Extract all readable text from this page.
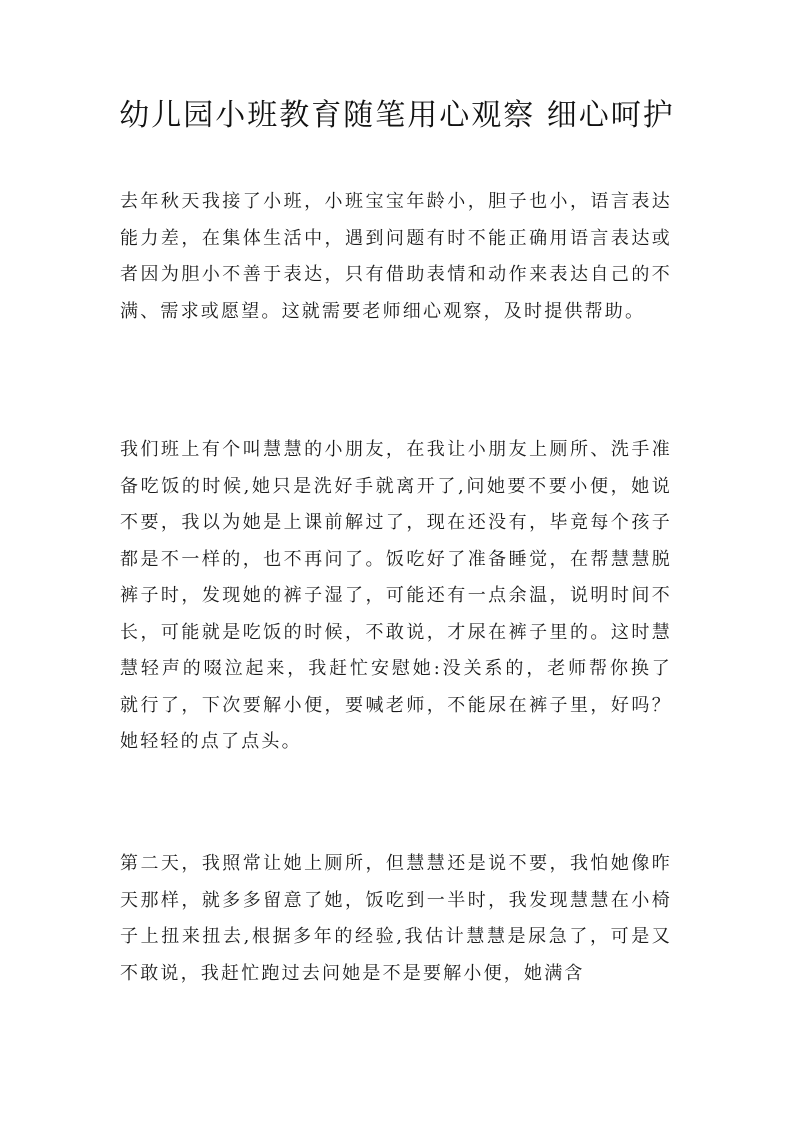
幼儿园小班教育随笔用心观察 细心呵护

去年秋天我接了小班，小班宝宝年龄小，胆子也小，语言表达能力差，在集体生活中，遇到问题有时不能正确用语言表达或者因为胆小不善于表达，只有借助表情和动作来表达自己的不满、需求或愿望。这就需要老师细心观察，及时提供帮助。

我们班上有个叫慧慧的小朋友，在我让小朋友上厕所、洗手准备吃饭的时候,她只是洗好手就离开了,问她要不要小便，她说不要，我以为她是上课前解过了，现在还没有，毕竟每个孩子都是不一样的，也不再问了。饭吃好了准备睡觉，在帮慧慧脱裤子时，发现她的裤子湿了，可能还有一点余温，说明时间不长，可能就是吃饭的时候，不敢说，才尿在裤子里的。这时慧慧轻声的啜泣起来，我赶忙安慰她:没关系的，老师帮你换了就行了，下次要解小便，要喊老师，不能尿在裤子里，好吗？她轻轻的点了点头。

第二天，我照常让她上厕所，但慧慧还是说不要，我怕她像昨天那样，就多多留意了她，饭吃到一半时，我发现慧慧在小椅子上扭来扭去,根据多年的经验,我估计慧慧是尿急了，可是又不敢说，我赶忙跑过去问她是不是要解小便，她满含
